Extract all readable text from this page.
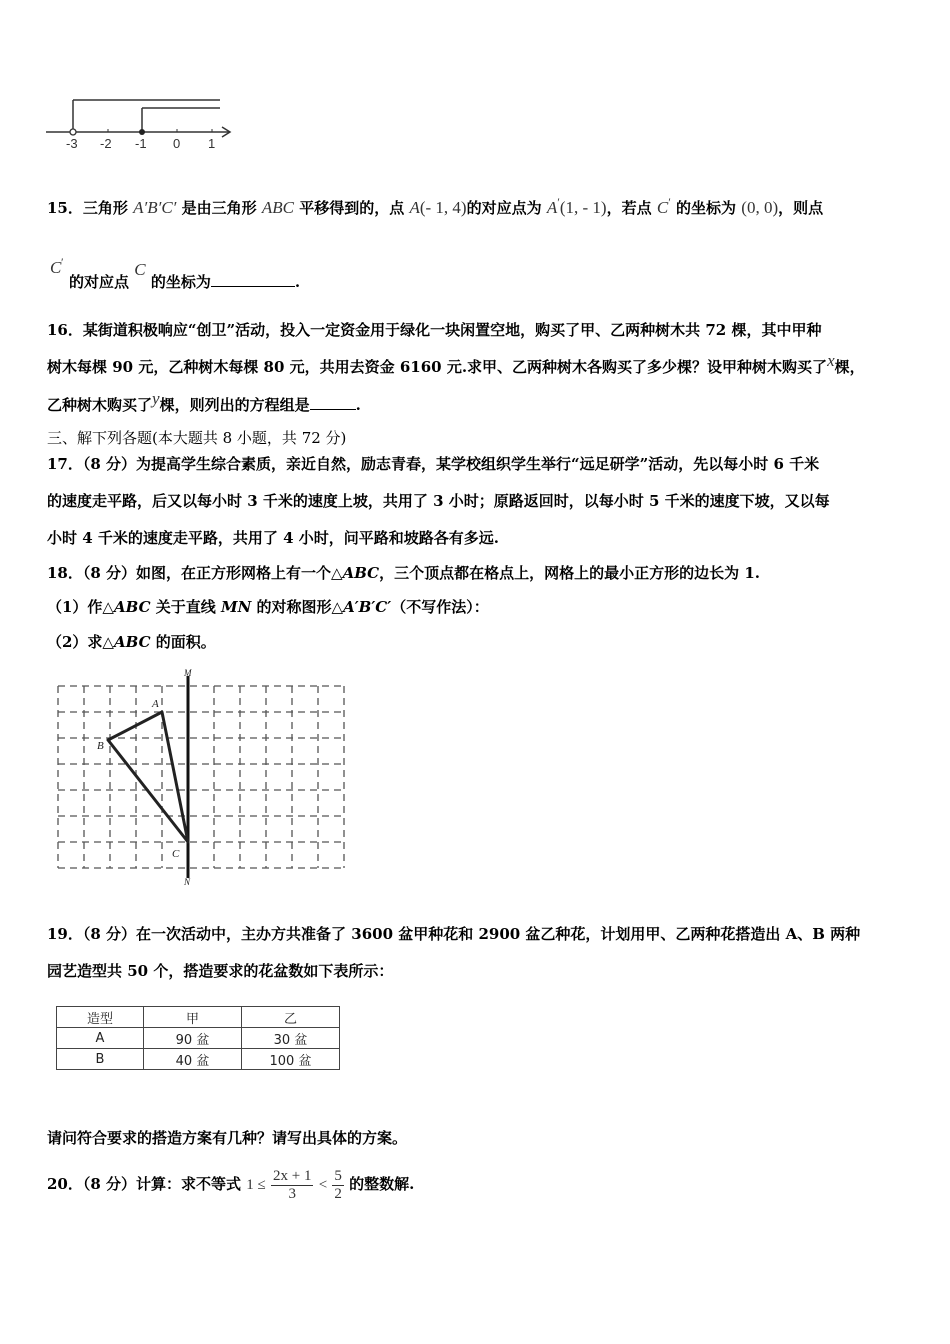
-3 -2 -1 0 1
15．三角形 A′B′C′ 是由三角形 ABC 平移得到的，点 A(- 1, 4)的对应点为 A′(1, - 1)，若点 C′ 的坐标为 (0, 0)，则点
C ′
的对应点 C 的坐标为	.
16．某街道积极响应“创卫”活动，投入一定资金用于绿化一块闲置空地，购买了甲、乙两种树木共 72 棵，其中甲种
树木每棵 90 元，乙种树木每棵 80 元，共用去资金 6160 元.求甲、乙两种树木各购买了多少棵？设甲种树木购买了x棵，
乙种树木购买了y棵，则列出的方程组是	.
三、解下列各题(本大题共 8 小题，共 72 分)
17．（8 分）为提高学生综合素质，亲近自然，励志青春，某学校组织学生举行“远足研学”活动，先以每小时 6 千米
的速度走平路，后又以每小时 3 千米的速度上坡，共用了 3 小时；原路返回时，以每小时 5 千米的速度下坡，又以每
小时 4 千米的速度走平路，共用了 4 小时，问平路和坡路各有多远.
18．（8 分）如图，在正方形网格上有一个△ABC，三个顶点都在格点上，网格上的最小正方形的边长为 1.
（1）作△ABC 关于直线 MN 的对称图形△A′B′C′（不写作法）：
（2）求△ABC 的面积。
M
N
A
B
C
19．（8 分）在一次活动中，主办方共准备了 3600 盆甲种花和 2900 盆乙种花，计划用甲、乙两种花搭造出 A、B 两种
园艺造型共 50 个，搭造要求的花盆数如下表所示：
造型	甲	乙
A	90 盆	30 盆
B	40 盆	100 盆
请问符合要求的搭造方案有几种？请写出具体的方案。
20．（8 分）计算：求不等式 $1 \le \frac{2x + 1}{3} < \frac{5}{2}$ 的整数解.
